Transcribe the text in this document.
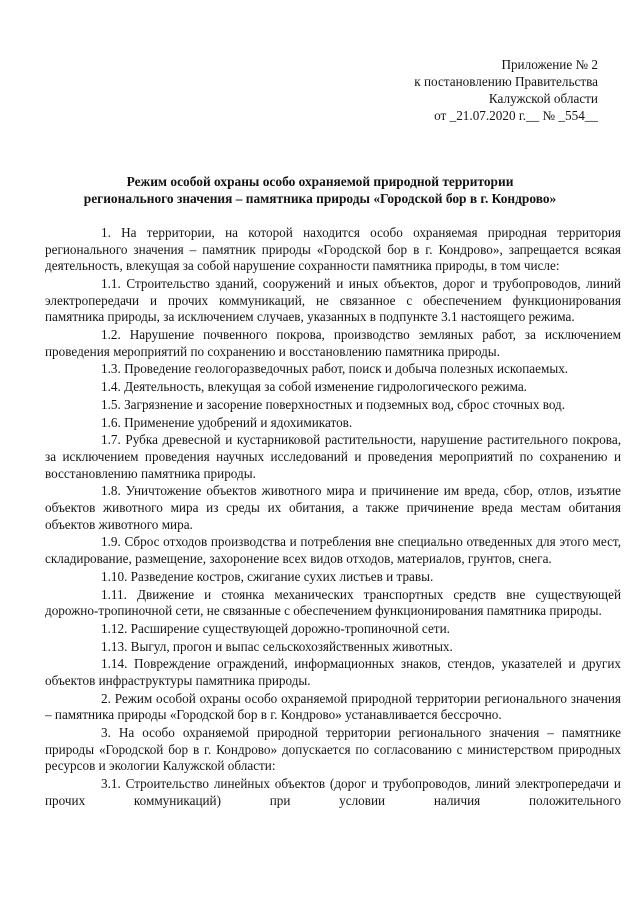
Приложение № 2
к постановлению Правительства
Калужской области
от _21.07.2020 г.__ № _554__
Режим особой охраны особо охраняемой природной территории
регионального значения – памятника природы «Городской бор в г. Кондрово»

1. На территории, на которой находится особо охраняемая природная территория регионального значения – памятник природы «Городской бор в г. Кондрово», запрещается всякая деятельность, влекущая за собой нарушение сохранности памятника природы, в том числе:

1.1. Строительство зданий, сооружений и иных объектов, дорог и трубопроводов, линий электропередачи и прочих коммуникаций, не связанное с обеспечением функционирования памятника природы, за исключением случаев, указанных в подпункте 3.1 настоящего режима.

1.2. Нарушение почвенного покрова, производство земляных работ, за исключением проведения мероприятий по сохранению и восстановлению памятника природы.

1.3. Проведение геологоразведочных работ, поиск и добыча полезных ископаемых.

1.4. Деятельность, влекущая за собой изменение гидрологического режима.

1.5. Загрязнение и засорение поверхностных и подземных вод, сброс сточных вод.

1.6. Применение удобрений и ядохимикатов.

1.7. Рубка древесной и кустарниковой растительности, нарушение растительного покрова, за исключением проведения научных исследований и проведения мероприятий по сохранению и восстановлению памятника природы.

1.8. Уничтожение объектов животного мира и причинение им вреда, сбор, отлов, изъятие объектов животного мира из среды их обитания, а также причинение вреда местам обитания объектов животного мира.

1.9. Сброс отходов производства и потребления вне специально отведенных для этого мест, складирование, размещение, захоронение всех видов отходов, материалов, грунтов, снега.

1.10. Разведение костров, сжигание сухих листьев и травы.

1.11. Движение и стоянка механических транспортных средств вне существующей дорожно-тропиночной сети, не связанные с обеспечением функционирования памятника природы.

1.12. Расширение существующей дорожно-тропиночной сети.

1.13. Выгул, прогон и выпас сельскохозяйственных животных.

1.14. Повреждение ограждений, информационных знаков, стендов, указателей и других объектов инфраструктуры памятника природы.

2. Режим особой охраны особо охраняемой природной территории регионального значения – памятника природы «Городской бор в г. Кондрово» устанавливается бессрочно.

3. На особо охраняемой природной территории регионального значения – памятнике природы «Городской бор в г. Кондрово» допускается по согласованию с министерством природных ресурсов и экологии Калужской области:

3.1. Строительство линейных объектов (дорог и трубопроводов, линий электропередачи и прочих коммуникаций) при условии наличия положительного
